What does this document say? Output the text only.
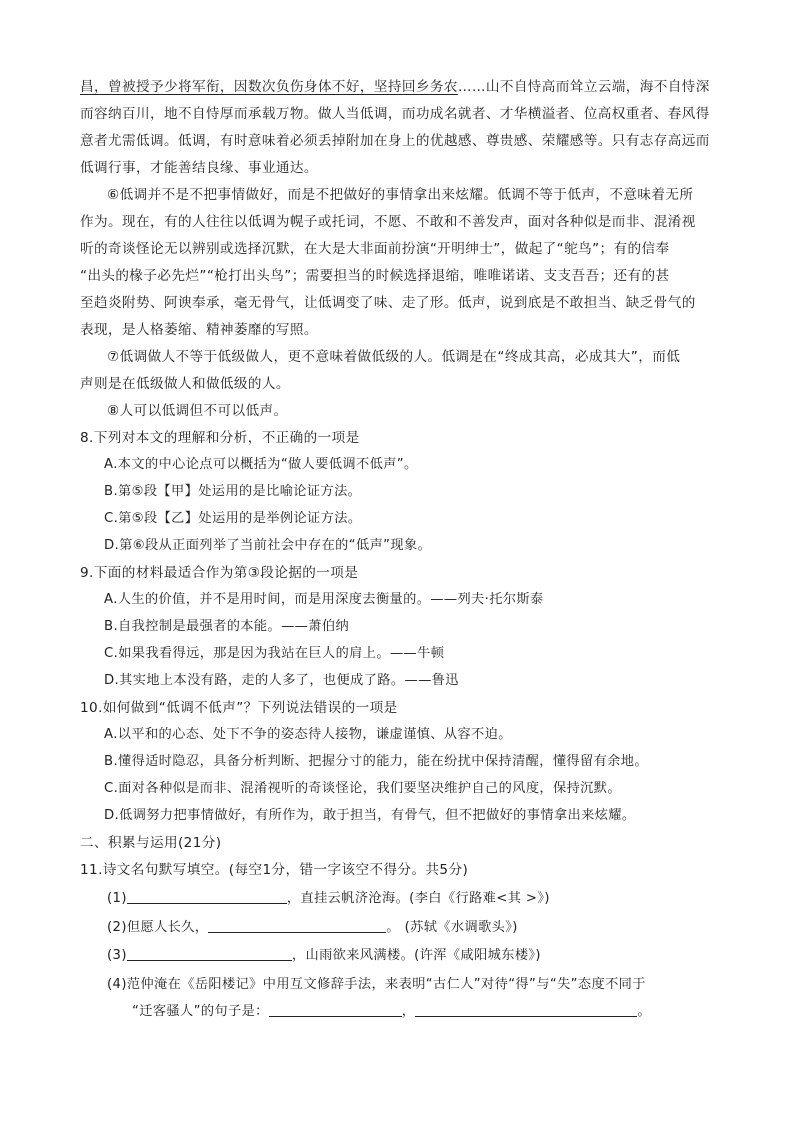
昌，曾被授予少将军衔，因数次负伤身体不好，坚持回乡务农……山不自恃高而耸立云端，海不自恃深
而容纳百川，地不自恃厚而承载万物。做人当低调，而功成名就者、才华横溢者、位高权重者、春风得
意者尤需低调。低调，有时意味着必须丢掉附加在身上的优越感、尊贵感、荣耀感等。只有志存高远而
低调行事，才能善结良缘、事业通达。
⑥低调并不是不把事情做好，而是不把做好的事情拿出来炫耀。低调不等于低声，不意味着无所
作为。现在，有的人往往以低调为幌子或托词，不愿、不敢和不善发声，面对各种似是而非、混淆视
听的奇谈怪论无以辨别或选择沉默，在大是大非面前扮演“开明绅士”，做起了“鸵鸟”；有的信奉
“出头的椽子必先烂”“枪打出头鸟”；需要担当的时候选择退缩，唯唯诺诺、支支吾吾；还有的甚
至趋炎附势、阿谀奉承，毫无骨气，让低调变了味、走了形。低声，说到底是不敢担当、缺乏骨气的
表现，是人格萎缩、精神萎靡的写照。
⑦低调做人不等于低级做人，更不意味着做低级的人。低调是在“终成其高，必成其大”，而低
声则是在低级做人和做低级的人。
⑧人可以低调但不可以低声。
8.下列对本文的理解和分析，不正确的一项是
A.本文的中心论点可以概括为“做人要低调不低声”。
B.第⑤段【甲】处运用的是比喻论证方法。
C.第⑤段【乙】处运用的是举例论证方法。
D.第⑥段从正面列举了当前社会中存在的“低声”现象。
9.下面的材料最适合作为第③段论据的一项是
A.人生的价值，并不是用时间，而是用深度去衡量的。——列夫·托尔斯泰
B.自我控制是最强者的本能。——萧伯纳
C.如果我看得远，那是因为我站在巨人的肩上。——牛顿
D.其实地上本没有路，走的人多了，也便成了路。——鲁迅
10.如何做到“低调不低声”？下列说法错误的一项是
A.以平和的心态、处下不争的姿态待人接物，谦虚谨慎、从容不迫。
B.懂得适时隐忍，具备分析判断、把握分寸的能力，能在纷扰中保持清醒，懂得留有余地。
C.面对各种似是而非、混淆视听的奇谈怪论，我们要坚决维护自己的风度，保持沉默。
D.低调努力把事情做好，有所作为，敢于担当，有骨气，但不把做好的事情拿出来炫耀。
二、积累与运用(21分)
11.诗文名句默写填空。(每空1分，错一字该空不得分。共5分)
(1)	，直挂云帆济沧海。(李白《行路难<其 >》)
(2)但愿人长久，	。 (苏轼《水调歌头》)
(3)	，山雨欲来风满楼。(许浑《咸阳城东楼》)
(4)范仲淹在《岳阳楼记》中用互文修辞手法，来表明“古仁人”对待“得”与“失”态度不同于
“迁客骚人”的句子是：	，	。
